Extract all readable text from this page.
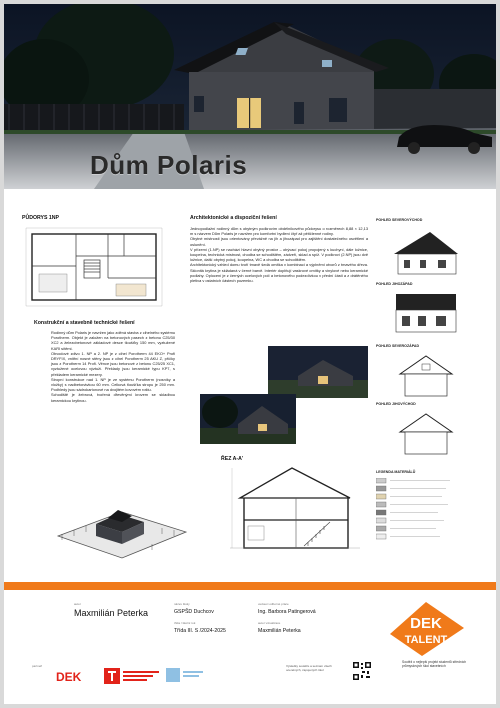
Dům Polaris
PŮDORYS 1NP
Konstrukční a stavebně technické řešení
Rodinný dům Polaris je navržen jako zděná stavba z cihelného systému Porotherm. Objekt je založen na betonových pasech z betonu C25/30 XC2 a železobetonové základové desce tloušťky 150 mm, vyztužené KARI sítěmi.
Obvodové zdivo 1. NP a 2. NP je z cihel Porotherm 44 EKO+ Profi DRYFIX, vnitřní nosné stěny jsou z cihel Porotherm 25 AKU Z, příčky jsou z Porotherm 14 Profi. Věnce jsou betonové z betonu C25/25 XC1, vyztužené ocelovou výztuží. Překlady jsou keramické typu KP7, s překladem keramické mezery.
Stropní konstrukce nad 1. NP je ze systému Porotherm (nosníky a vložky) s nadbetonávkou 60 mm. Celková tloušťka stropu je 250 mm. Podhledy jsou sádrokartonové na dvojitém kovovém roštu.
Schodiště je žebrová, tvořená dřevěnými krovem se skladbou keramickou krytinou.
Architektonické a dispoziční řešení
Jednopodlažní rodinný dům s obytným podkrovím obdélníkového půdorysu o rozměrech 8,88 × 12,13 m s názvem Dům Polaris je navržen pro komfortní bydlení čtyř až pětičlenné rodiny.
Obytné místnosti jsou orientovány převážně na jih a jihozápad pro zajištění dostatečného osvětlení a oslunění.
V přízemí (1.NP) se nachází hlavní obytný prostor – obývací pokoj propojený s kuchyní, dále ložnice, koupelna, technická místnost, chodba se schodištěm, zádveří, sklad a spíž. V podkroví (2.NP) jsou dvě ložnice, další obytný pokoj, koupelna, WC a chodba se schodištěm.
Architektonický vzhled domu tvoří tmavě šedá omítka v kombinaci a výplněmi otvorů z tmavého dřeva. Sklonitá krytina je skládaná v černé barvě. Interiér doplňují vaskrové omítky a vinylové nebo keramické podlahy. Oplocení je z černých ocelových polí a betonového podezdívkou v přední části a z drátěného pletiva v ostatních částech pozemku.
POHLED SEVEROVÝCHOD
POHLED JIHOZÁPAD
POHLED SEVEROZÁPAD
POHLED JIHOVÝCHOD
ŘEZ A-A'
LEGENDA MATERIÁLŮ
autor
Maxmilián Peterka
název školy
GSPŠD Duchcov
třída / školní rok
Třída III. S /2024-2025
vedoucí odborné práce
Ing. Barbora Patingerová
autor vizualizace
Maxmilián Peterka	DEK
TALENT
Soutěž o nejlepší projekt studentů středních průmyslových škol stavebních
partneři
DEK
Výsledky soutěže a seznam všech oceněných, zapojených škol
